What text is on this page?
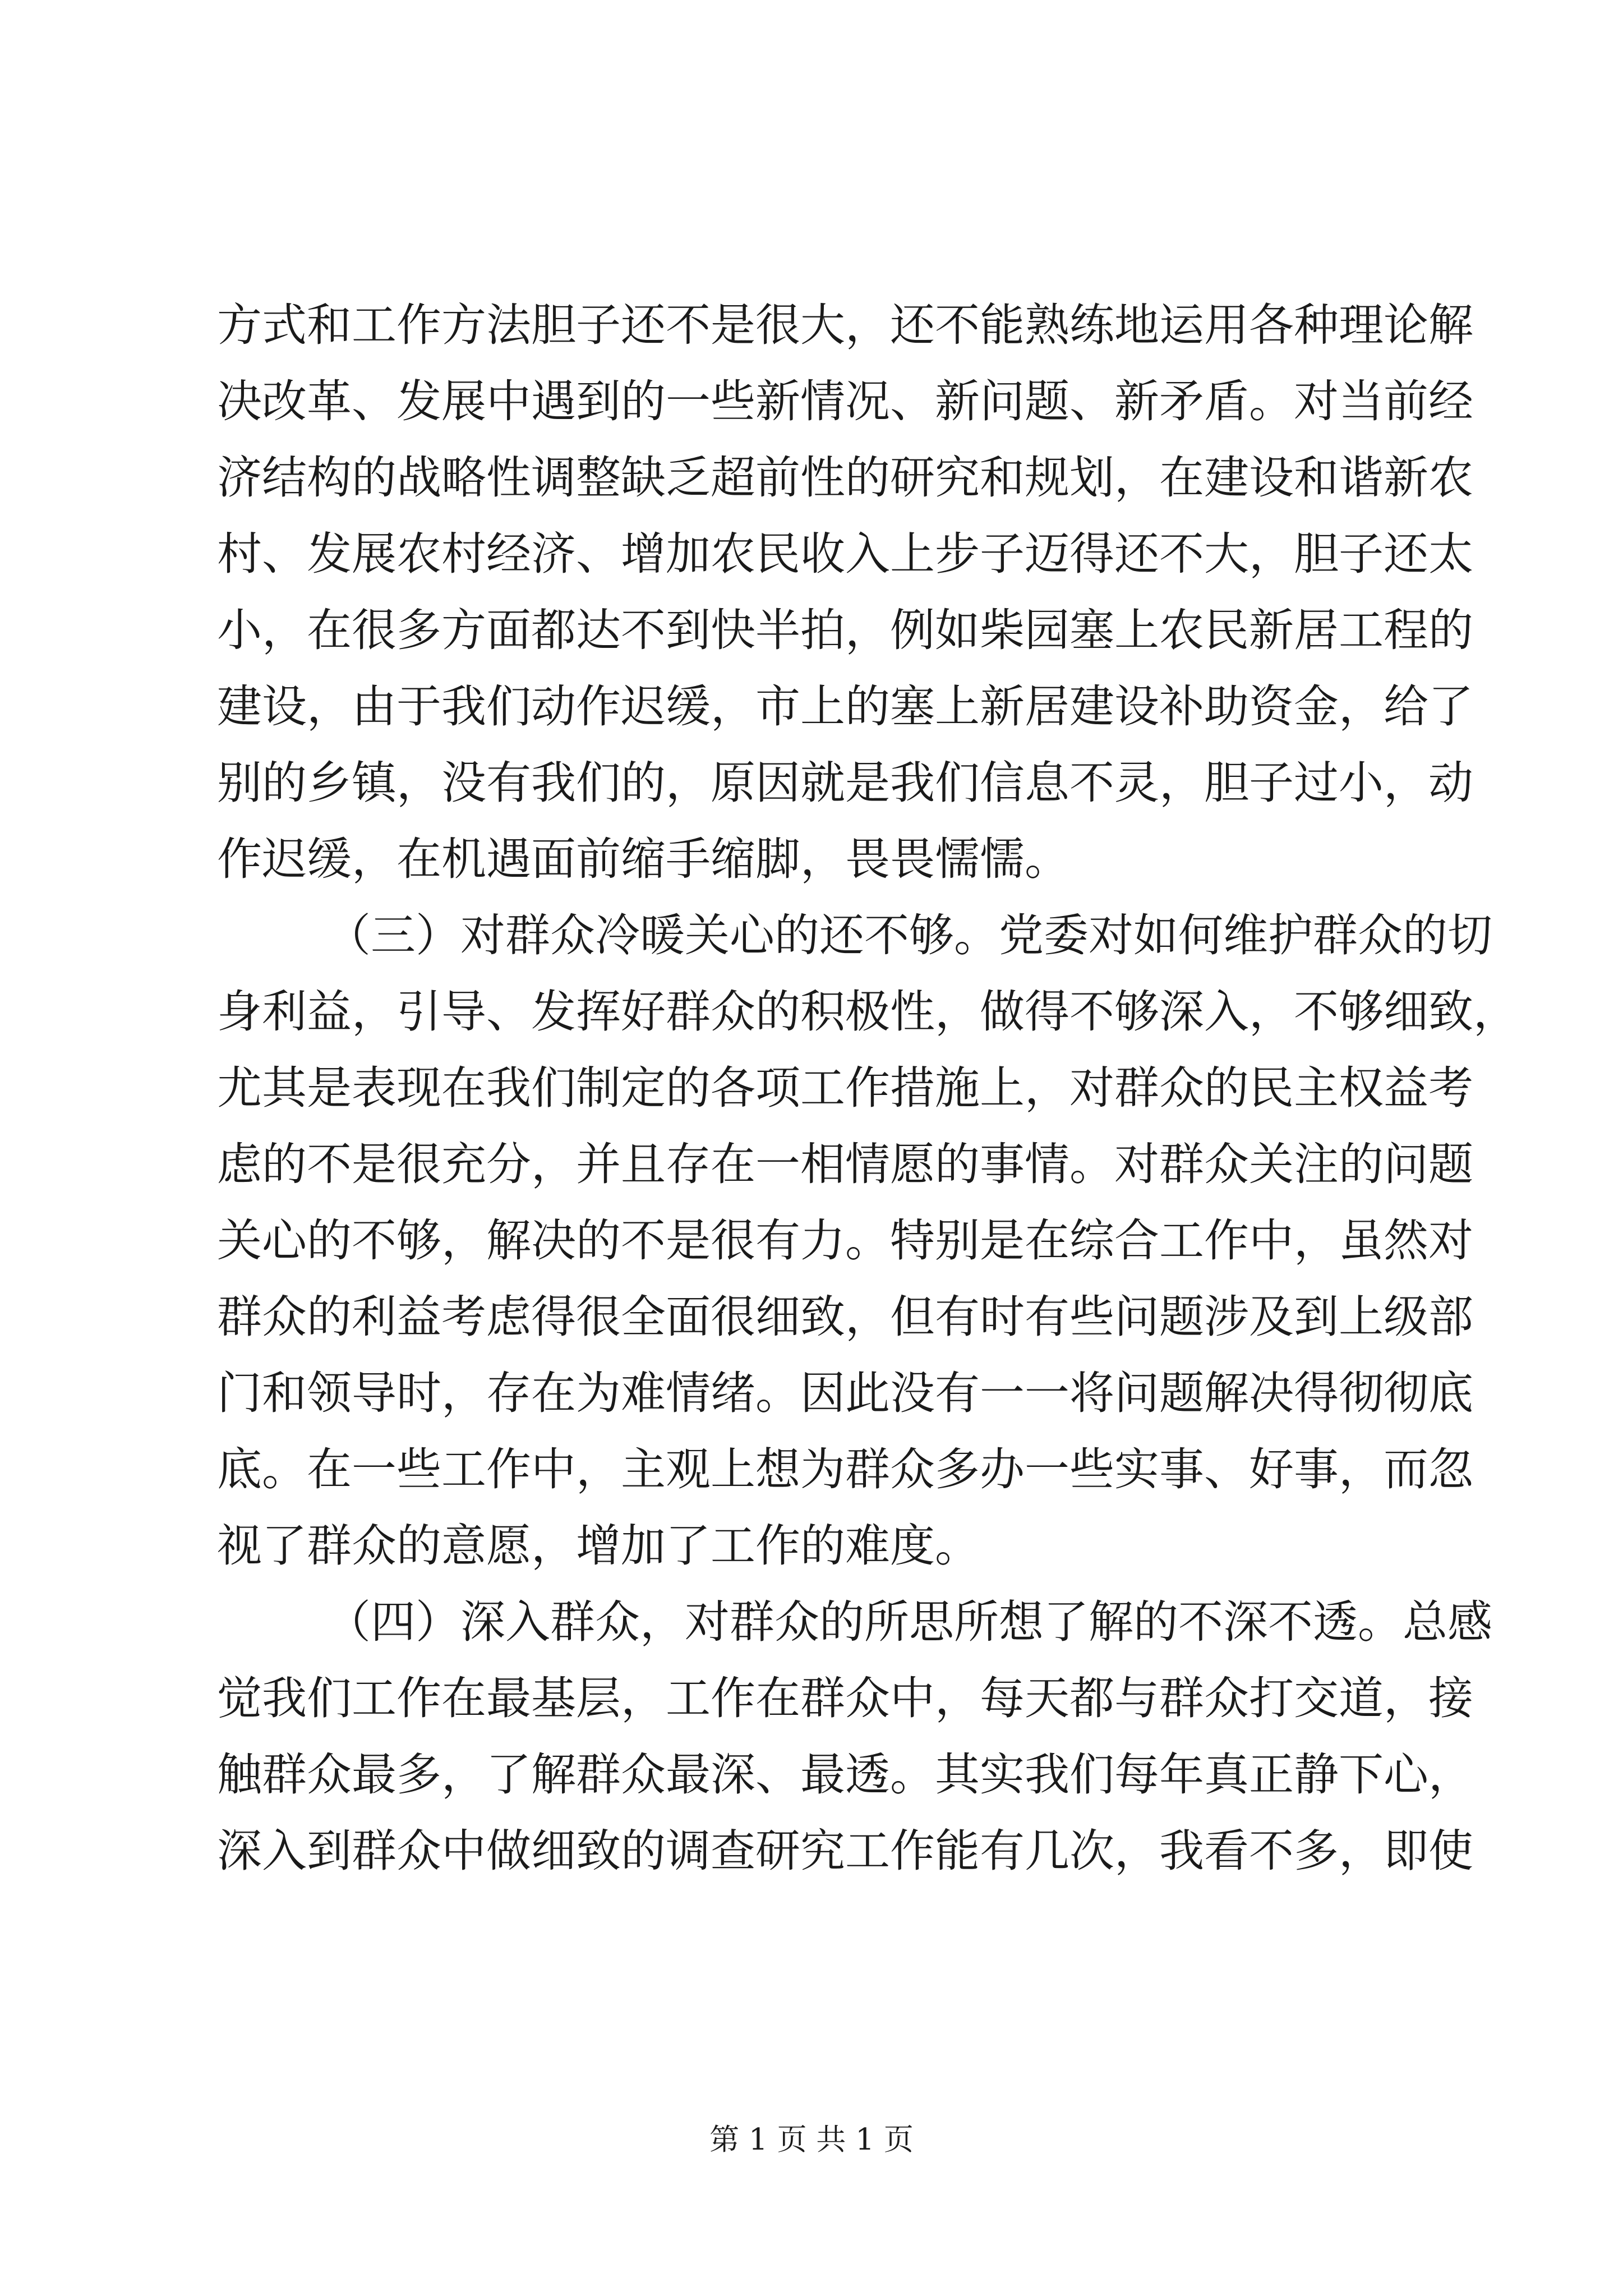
方式和工作方法胆子还不是很大，还不能熟练地运用各种理论解
决改革、发展中遇到的一些新情况、新问题、新矛盾。对当前经
济结构的战略性调整缺乏超前性的研究和规划，在建设和谐新农
村、发展农村经济、增加农民收入上步子迈得还不大，胆子还太
小，在很多方面都达不到快半拍，例如柴园塞上农民新居工程的
建设，由于我们动作迟缓，市上的塞上新居建设补助资金，给了
别的乡镇，没有我们的，原因就是我们信息不灵，胆子过小，动
作迟缓，在机遇面前缩手缩脚，畏畏懦懦。
（三）对群众冷暖关心的还不够。党委对如何维护群众的切
身利益，引导、发挥好群众的积极性，做得不够深入，不够细致，
尤其是表现在我们制定的各项工作措施上，对群众的民主权益考
虑的不是很充分，并且存在一相情愿的事情。对群众关注的问题
关心的不够，解决的不是很有力。特别是在综合工作中，虽然对
群众的利益考虑得很全面很细致，但有时有些问题涉及到上级部
门和领导时，存在为难情绪。因此没有一一将问题解决得彻彻底
底。在一些工作中，主观上想为群众多办一些实事、好事，而忽
视了群众的意愿，增加了工作的难度。
（四）深入群众，对群众的所思所想了解的不深不透。总感
觉我们工作在最基层，工作在群众中，每天都与群众打交道，接
触群众最多，了解群众最深、最透。其实我们每年真正静下心，
深入到群众中做细致的调查研究工作能有几次，我看不多，即使
第 1 页 共 1 页
